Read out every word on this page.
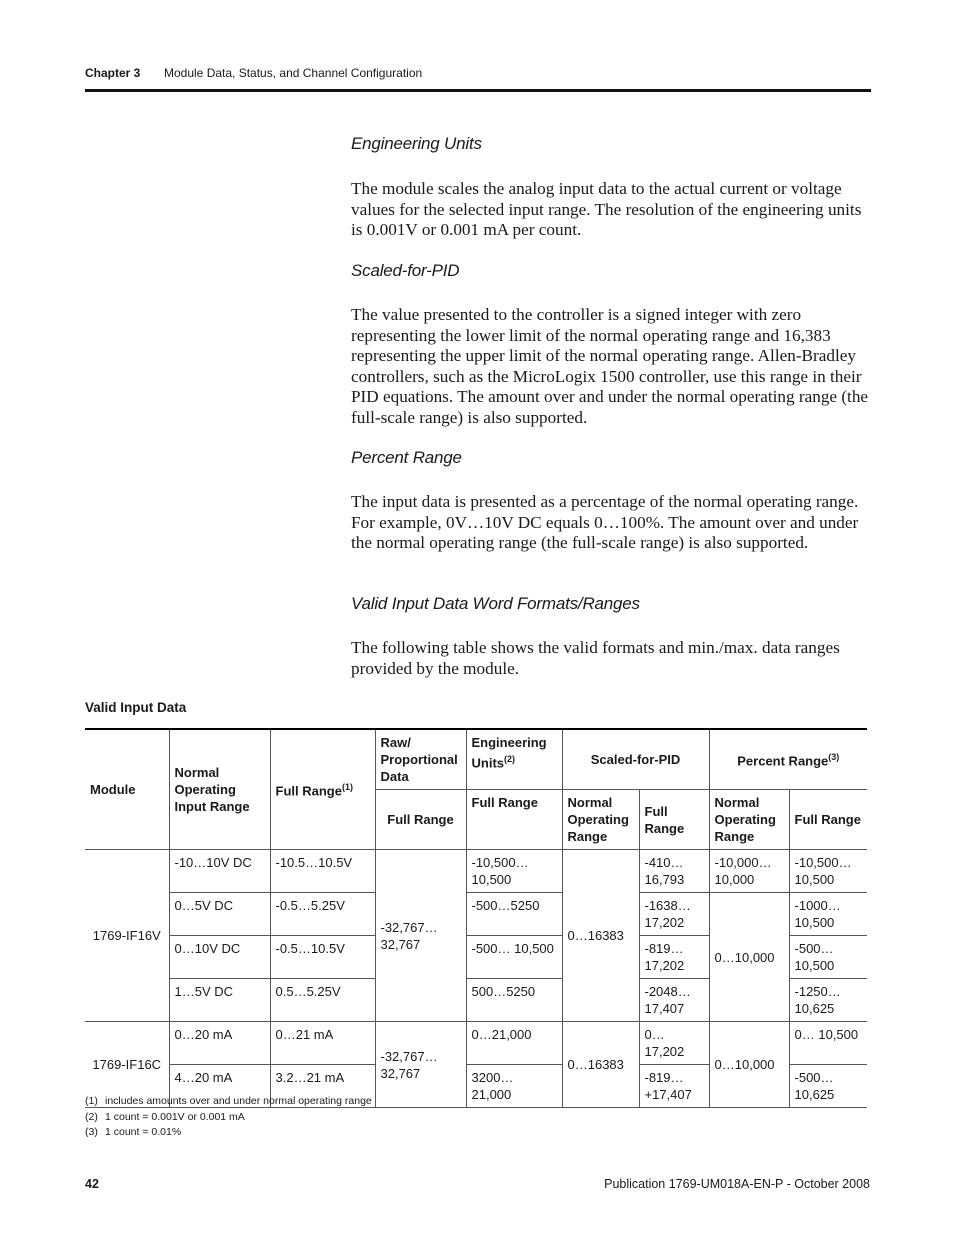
Chapter 3 Module Data, Status, and Channel Configuration
Engineering Units

The module scales the analog input data to the actual current or voltage values for the selected input range. The resolution of the engineering units is 0.001V or 0.001 mA per count.

Scaled-for-PID

The value presented to the controller is a signed integer with zero representing the lower limit of the normal operating range and 16,383 representing the upper limit of the normal operating range. Allen-Bradley controllers, such as the MicroLogix 1500 controller, use this range in their PID equations. The amount over and under the normal operating range (the full-scale range) is also supported.

Percent Range

The input data is presented as a percentage of the normal operating range. For example, 0V…10V DC equals 0…100%. The amount over and under the normal operating range (the full-scale range) is also supported.

Valid Input Data Word Formats/Ranges

The following table shows the valid formats and min./max. data ranges provided by the module.

Valid Input Data
Module	Normal Operating Input Range	Full Range$^{(1)}$	Raw/ Proportional Data	Engineering Units$^{(2)}$	Scaled-for-PID		Percent Range$^{(3)}$
			Full Range	Full Range	Normal Operating Range	Full Range	Normal Operating Range	Full Range
1769-IF16V	-10…10V DC	-10.5…10.5V	-32,767… 32,767	-10,500… 10,500	0…16383	-410… 16,793	-10,000… 10,000	-10,500… 10,500
	0…5V DC	-0.5…5.25V		-500…5250		-1638… 17,202	0…10,000	-1000… 10,500
	0…10V DC	-0.5…10.5V		-500… 10,500		-819… 17,202		-500… 10,500
	1…5V DC	0.5…5.25V		500…5250		-2048… 17,407		-1250… 10,625
1769-IF16C	0…20 mA	0…21 mA	-32,767… 32,767	0…21,000	0…16383	0… 17,202	0…10,000	0… 10,500
	4…20 mA	3.2…21 mA		3200… 21,000		-819… +17,407		-500… 10,625
(1) includes amounts over and under normal operating range
(2) 1 count = 0.001V or 0.001 mA
(3) 1 count = 0.01%
42	Publication 1769-UM018A-EN-P - October 2008
